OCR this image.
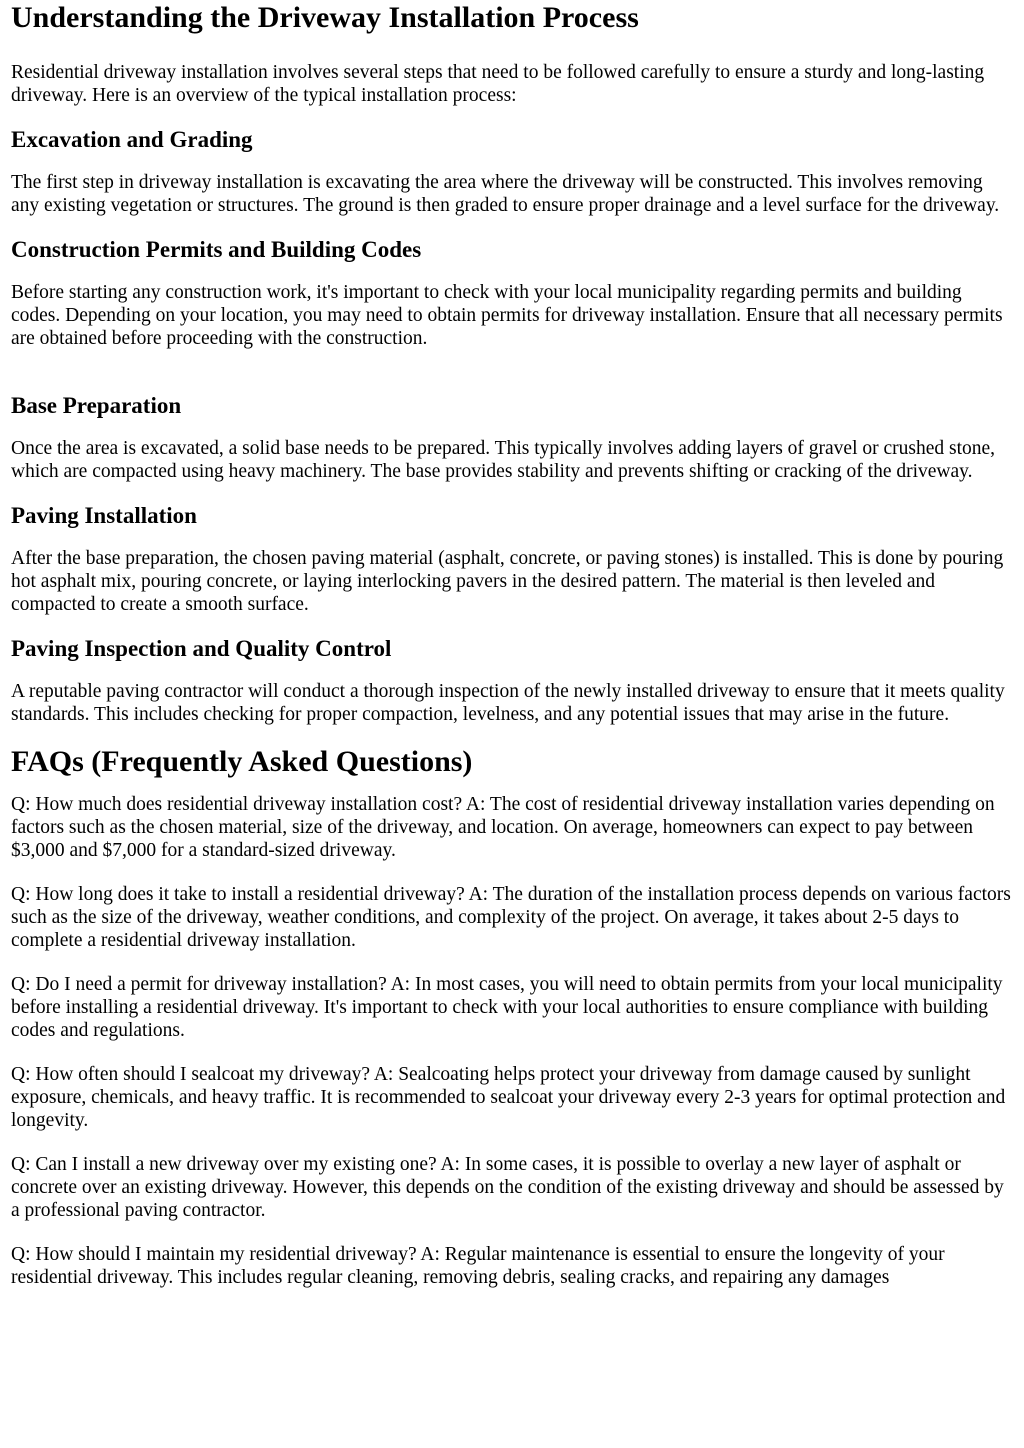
Understanding the Driveway Installation Process

Residential driveway installation involves several steps that need to be followed carefully to ensure a sturdy and long-lasting driveway. Here is an overview of the typical installation process:

Excavation and Grading

The first step in driveway installation is excavating the area where the driveway will be constructed. This involves removing any existing vegetation or structures. The ground is then graded to ensure proper drainage and a level surface for the driveway.

Construction Permits and Building Codes

Before starting any construction work, it's important to check with your local municipality regarding permits and building codes. Depending on your location, you may need to obtain permits for driveway installation. Ensure that all necessary permits are obtained before proceeding with the construction.

Base Preparation

Once the area is excavated, a solid base needs to be prepared. This typically involves adding layers of gravel or crushed stone, which are compacted using heavy machinery. The base provides stability and prevents shifting or cracking of the driveway.

Paving Installation

After the base preparation, the chosen paving material (asphalt, concrete, or paving stones) is installed. This is done by pouring hot asphalt mix, pouring concrete, or laying interlocking pavers in the desired pattern. The material is then leveled and compacted to create a smooth surface.

Paving Inspection and Quality Control

A reputable paving contractor will conduct a thorough inspection of the newly installed driveway to ensure that it meets quality standards. This includes checking for proper compaction, levelness, and any potential issues that may arise in the future.

FAQs (Frequently Asked Questions)

Q: How much does residential driveway installation cost? A: The cost of residential driveway installation varies depending on factors such as the chosen material, size of the driveway, and location. On average, homeowners can expect to pay between $3,000 and $7,000 for a standard-sized driveway.

Q: How long does it take to install a residential driveway? A: The duration of the installation process depends on various factors such as the size of the driveway, weather conditions, and complexity of the project. On average, it takes about 2-5 days to complete a residential driveway installation.

Q: Do I need a permit for driveway installation? A: In most cases, you will need to obtain permits from your local municipality before installing a residential driveway. It's important to check with your local authorities to ensure compliance with building codes and regulations.

Q: How often should I sealcoat my driveway? A: Sealcoating helps protect your driveway from damage caused by sunlight exposure, chemicals, and heavy traffic. It is recommended to sealcoat your driveway every 2-3 years for optimal protection and longevity.

Q: Can I install a new driveway over my existing one? A: In some cases, it is possible to overlay a new layer of asphalt or concrete over an existing driveway. However, this depends on the condition of the existing driveway and should be assessed by a professional paving contractor.

Q: How should I maintain my residential driveway? A: Regular maintenance is essential to ensure the longevity of your residential driveway. This includes regular cleaning, removing debris, sealing cracks, and repairing any damages
